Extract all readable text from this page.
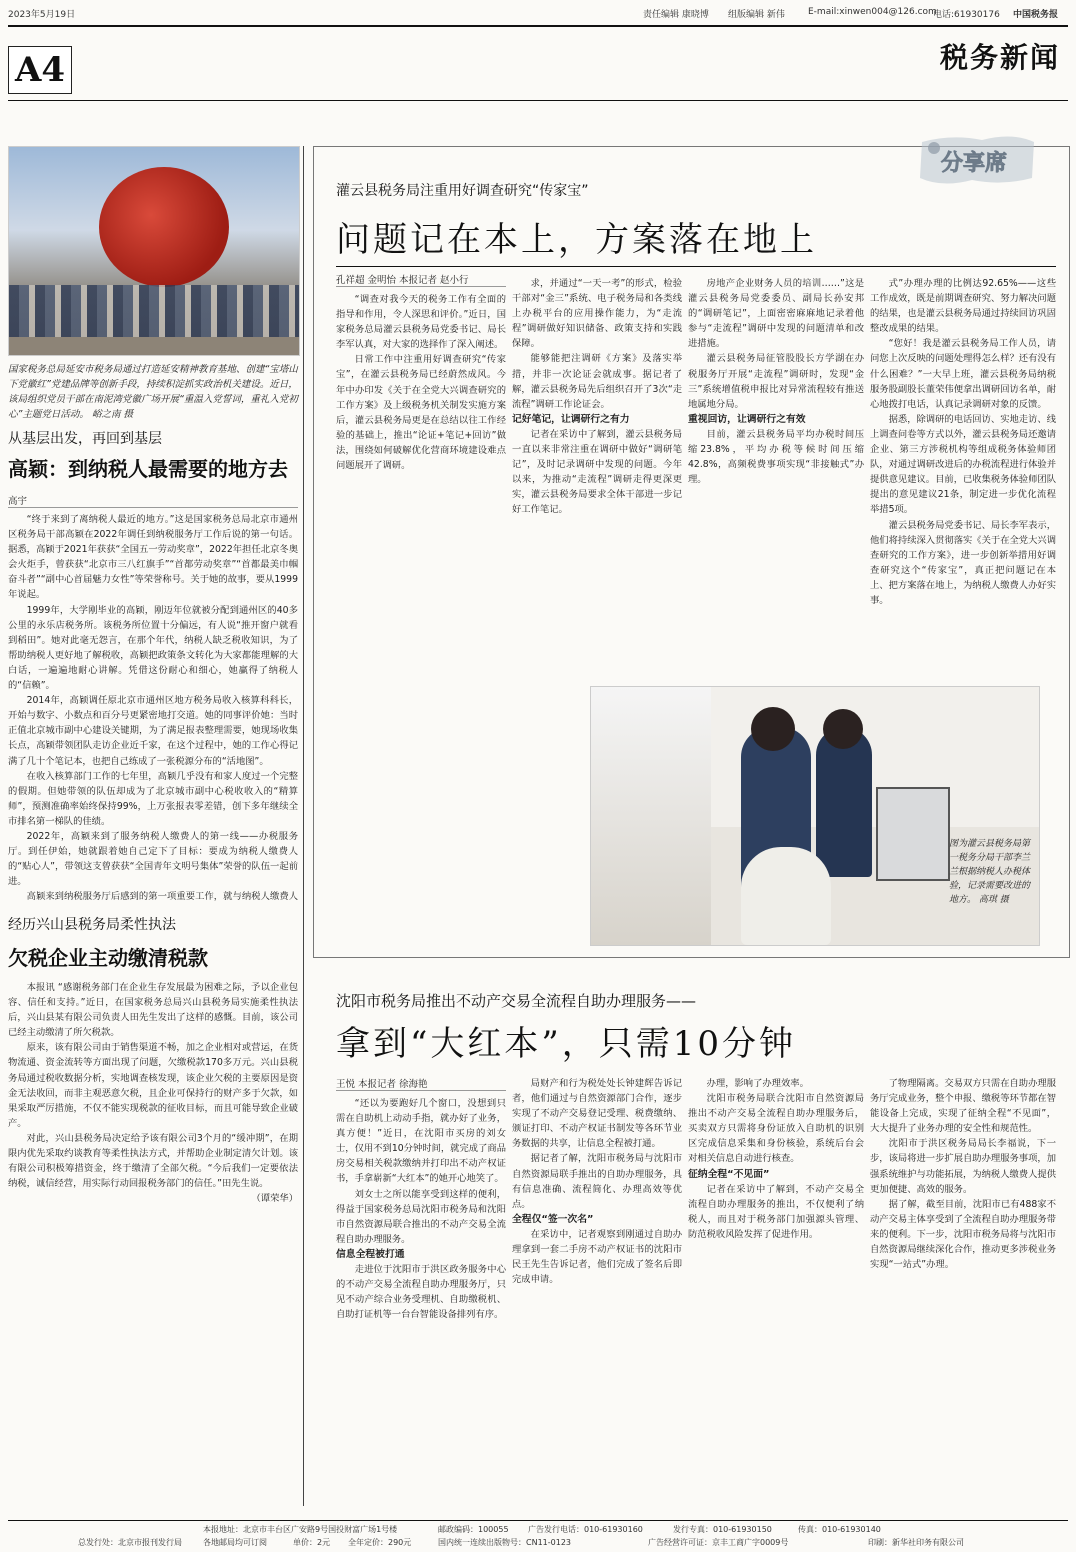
2023年5月19日	责任编辑 康晓博 组版编辑 新伟	E-mail:xinwen004@126.com
电话:61930176 中国税务报
A4	税务新闻
国家税务总局延安市税务局通过打造延安精神教育基地、创建“宝塔山下党徽红”党建品牌等创新手段，持续积淀抓实政治机关建设。近日，该局组织党员干部在南泥湾党徽广场开展“重温入党誓词，重礼入党初心”主题党日活动。 峪之南 摄
从基层出发，再回到基层
高颖：到纳税人最需要的地方去
高宇

“终于来到了离纳税人最近的地方。”这是国家税务总局北京市通州区税务局干部高颖在2022年调任到纳税服务厅工作后说的第一句话。据悉，高颖于2021年获获“全国五一劳动奖章”，2022年担任北京冬奥会火炬手，曾获获“北京市三八红旗手”“首都劳动奖章”“首都最美巾帼奋斗者”“副中心首届魅力女性”等荣誉称号。关于她的故事，要从1999年说起。

1999年，大学刚毕业的高颖，刚迈年位就被分配到通州区的40多公里的永乐店税务所。该税务所位置十分偏远，有人说“推开窗户就看到稻田”。她对此毫无怨言，在那个年代，纳税人缺乏税收知识，为了帮助纳税人更好地了解税收，高颖把政策条文转化为大家都能理解的大白话，一遍遍地耐心讲解。凭借这份耐心和细心，她赢得了纳税人的“信赖”。

2014年，高颖调任原北京市通州区地方税务局收入核算科科长，开始与数字、小数点和百分号更紧密地打交道。她的同事评价她：当时正值北京城市副中心建设关键期，为了满足报表整理需要，她现场收集长点，高颖带领团队走访企业近千家，在这个过程中，她的工作心得记满了几十个笔记本，也把自己练成了一张税源分布的“活地图”。

在收入核算部门工作的七年里，高颖几乎没有和家人度过一个完整的假期。但她带领的队伍却成为了北京城市副中心税收收入的“精算师”，预测准确率始终保持99%，上万张报表零差错，创下多年继续全市排名第一梯队的佳绩。

2022年，高颖来到了服务纳税人缴费人的第一线——办税服务厅。到任伊始，她就跟着她自己定下了目标：要成为纳税人缴费人的“贴心人”，带领这支曾获获“全国青年文明号集体”荣誉的队伍一起前进。

高颖来到纳税服务厅后感到的第一项重要工作，就与纳税人缴费人

经历兴山县税务局柔性执法
欠税企业主动缴清税款

本报讯 “感谢税务部门在企业生存发展最为困难之际，予以企业包容、信任和支持。”近日，在国家税务总局兴山县税务局实施柔性执法后，兴山县某有限公司负责人田先生发出了这样的感慨。目前，该公司已经主动缴清了所欠税款。

原来，该有限公司由于销售渠道不畅，加之企业相对或营运，在货物流通、资金流转等方面出现了问题，欠缴税款170多万元。兴山县税务局通过税收数据分析，实地调查核发现，该企业欠税的主要原因是资金无法收回，而非主观恶意欠税，且企业可保持行的财产多于欠款，如果采取严厉措施，不仅不能实现税款的征收目标，而且可能导致企业破产。

对此，兴山县税务局决定给予该有限公司3个月的“缓冲期”，在期限内优先采取约谈教育等柔性执法方式，并帮助企业制定清欠计划。该有限公司积极筹措资金，终于缴清了全部欠税。“今后我们一定要依法纳税，诚信经营，用实际行动回报税务部门的信任。”田先生说。

（谭荣华）

分享席
灌云县税务局注重用好调查研究“传家宝”
问题记在本上，方案落在地上
孔祥超 金明怡 本报记者 赵小行

“调查对我今天的税务工作有全面的指导和作用，令人深思和评价。”近日，国家税务总局灌云县税务局党委书记、局长李军认真，对大家的选择作了深入阐述。

日常工作中注重用好调查研究“传家宝”，在灌云县税务局已经蔚然成风。今年中办印发《关于在全党大兴调查研究的工作方案》及上级税务机关制发实施方案后，灌云县税务局更是在总结以往工作经验的基础上，推出“论证+笔记+回访”做法，围绕如何破解优化营商环境建设难点问题展开了调研。

求，并通过“一天一考”的形式，检验干部对“金三”系统、电子税务局和各类线上办税平台的应用操作能力，为“走流程”调研做好知识储备、政策支持和实践保障。

能够能把注调研《方案》及落实举措，并非一次论证会就成事。据记者了解，灌云县税务局先后组织召开了3次“走流程”调研工作论证会。

记好笔记，让调研行之有力

记者在采访中了解到，灌云县税务局一直以来非常注重在调研中做好“调研笔记”，及时记录调研中发现的问题。今年以来，为推动“走流程”调研走得更深更实，灌云县税务局要求全体干部进一步记好工作笔记。

房地产企业财务人员的培训……”这是灌云县税务局党委委员、副局长孙安邦的“调研笔记”，上面密密麻麻地记录着他参与“走流程”调研中发现的问题清单和改进措施。

灌云县税务局征管股股长方学湖在办税服务厅开展“走流程”调研时，发现“金三”系统增值税申报比对异常流程较有推送地属地分局。

重视回访，让调研行之有效

目前，灌云县税务局平均办税时间压缩23.8%，平均办税等候时间压缩42.8%，高频税费事项实现“非接触式”办理。

式”办理办理的比例达92.65%——这些工作成效，既是前期调查研究、努力解决问题的结果，也是灌云县税务局通过持续回访巩固整改成果的结果。

“您好！我是灌云县税务局工作人员，请问您上次反映的问题处理得怎么样？还有没有什么困难？”一大早上班，灌云县税务局纳税服务股副股长董荣伟便拿出调研回访名单，耐心地拨打电话，认真记录调研对象的反馈。

据悉，除调研的电话回访、实地走访、线上调查问卷等方式以外，灌云县税务局还邀请企业、第三方涉税机构等组成税务体验师团队，对通过调研改进后的办税流程进行体验并提供意见建议。目前，已收集税务体验师团队提出的意见建议21条，制定进一步优化流程举措5项。

灌云县税务局党委书记、局长李军表示，他们将持续深入贯彻落实《关于在全党大兴调查研究的工作方案》，进一步创新举措用好调查研究这个“传家宝”，真正把问题记在本上、把方案落在地上，为纳税人缴费人办好实事。

图为灌云县税务局第一税务分局干部李兰兰根据纳税人办税体验，记录需要改进的地方。 高琪 摄
沈阳市税务局推出不动产交易全流程自助办理服务——
拿到“大红本”，只需10分钟
王悦 本报记者 徐海艳

“还以为要跑好几个窗口，没想到只需在自助机上动动手指，就办好了业务，真方便！”近日，在沈阳市买房的刘女士，仅用不到10分钟时间，就完成了商品房交易相关税款缴纳并打印出不动产权证书，手拿崭新“大红本”的她开心地笑了。

刘女士之所以能享受到这样的便利，得益于国家税务总局沈阳市税务局和沈阳市自然资源局联合推出的不动产交易全流程自助办理服务。

信息全程被打通

走进位于沈阳市于洪区政务服务中心的不动产交易全流程自助办理服务厅，只见不动产综合业务受理机、自助缴税机、自助打证机等一台台智能设备排列有序。

局财产和行为税处处长钟建辉告诉记者，他们通过与自然资源部门合作，逐步实现了不动产交易登记受理、税费缴纳、颁证打印、不动产权证书制发等各环节业务数据的共享，让信息全程被打通。

据记者了解，沈阳市税务局与沈阳市自然资源局联手推出的自助办理服务，具有信息准确、流程简化、办理高效等优点。

全程仅“签一次名”

在采访中，记者观察到刚通过自助办理拿到一套二手房不动产权证书的沈阳市民王先生告诉记者，他们完成了签名后即完成申请。

办理，影响了办理效率。

沈阳市税务局联合沈阳市自然资源局推出不动产交易全流程自助办理服务后，买卖双方只需将身份证放入自助机的识别区完成信息采集和身份核验，系统后台会对相关信息自动进行核查。

征纳全程“不见面”

记者在采访中了解到，不动产交易全流程自助办理服务的推出，不仅便利了纳税人，而且对于税务部门加强源头管理、防范税收风险发挥了促进作用。

了物理隔离。交易双方只需在自助办理服务厅完成业务，整个申报、缴税等环节都在智能设备上完成，实现了征纳全程“不见面”，大大提升了业务办理的安全性和规范性。

沈阳市于洪区税务局局长李福说，下一步，该局将进一步扩展自助办理服务事项，加强系统维护与功能拓展，为纳税人缴费人提供更加便捷、高效的服务。

据了解，截至目前，沈阳市已有488家不动产交易主体享受到了全流程自助办理服务带来的便利。下一步，沈阳市税务局将与沈阳市自然资源局继续深化合作，推动更多涉税业务实现“一站式”办理。

本报地址：北京市丰台区广安路9号国投财富广场1号楼	邮政编码：100055 广告发行电话：010-61930160	发行专真：010-61930150	传真：010-61930140
总发行处：北京市报刊发行局	各地邮局均可订阅	单价：2元 全年定价：290元	国内统一连续出版物号：CN11-0123	广告经营许可证：京丰工商广字0009号	印刷：新华社印务有限公司
